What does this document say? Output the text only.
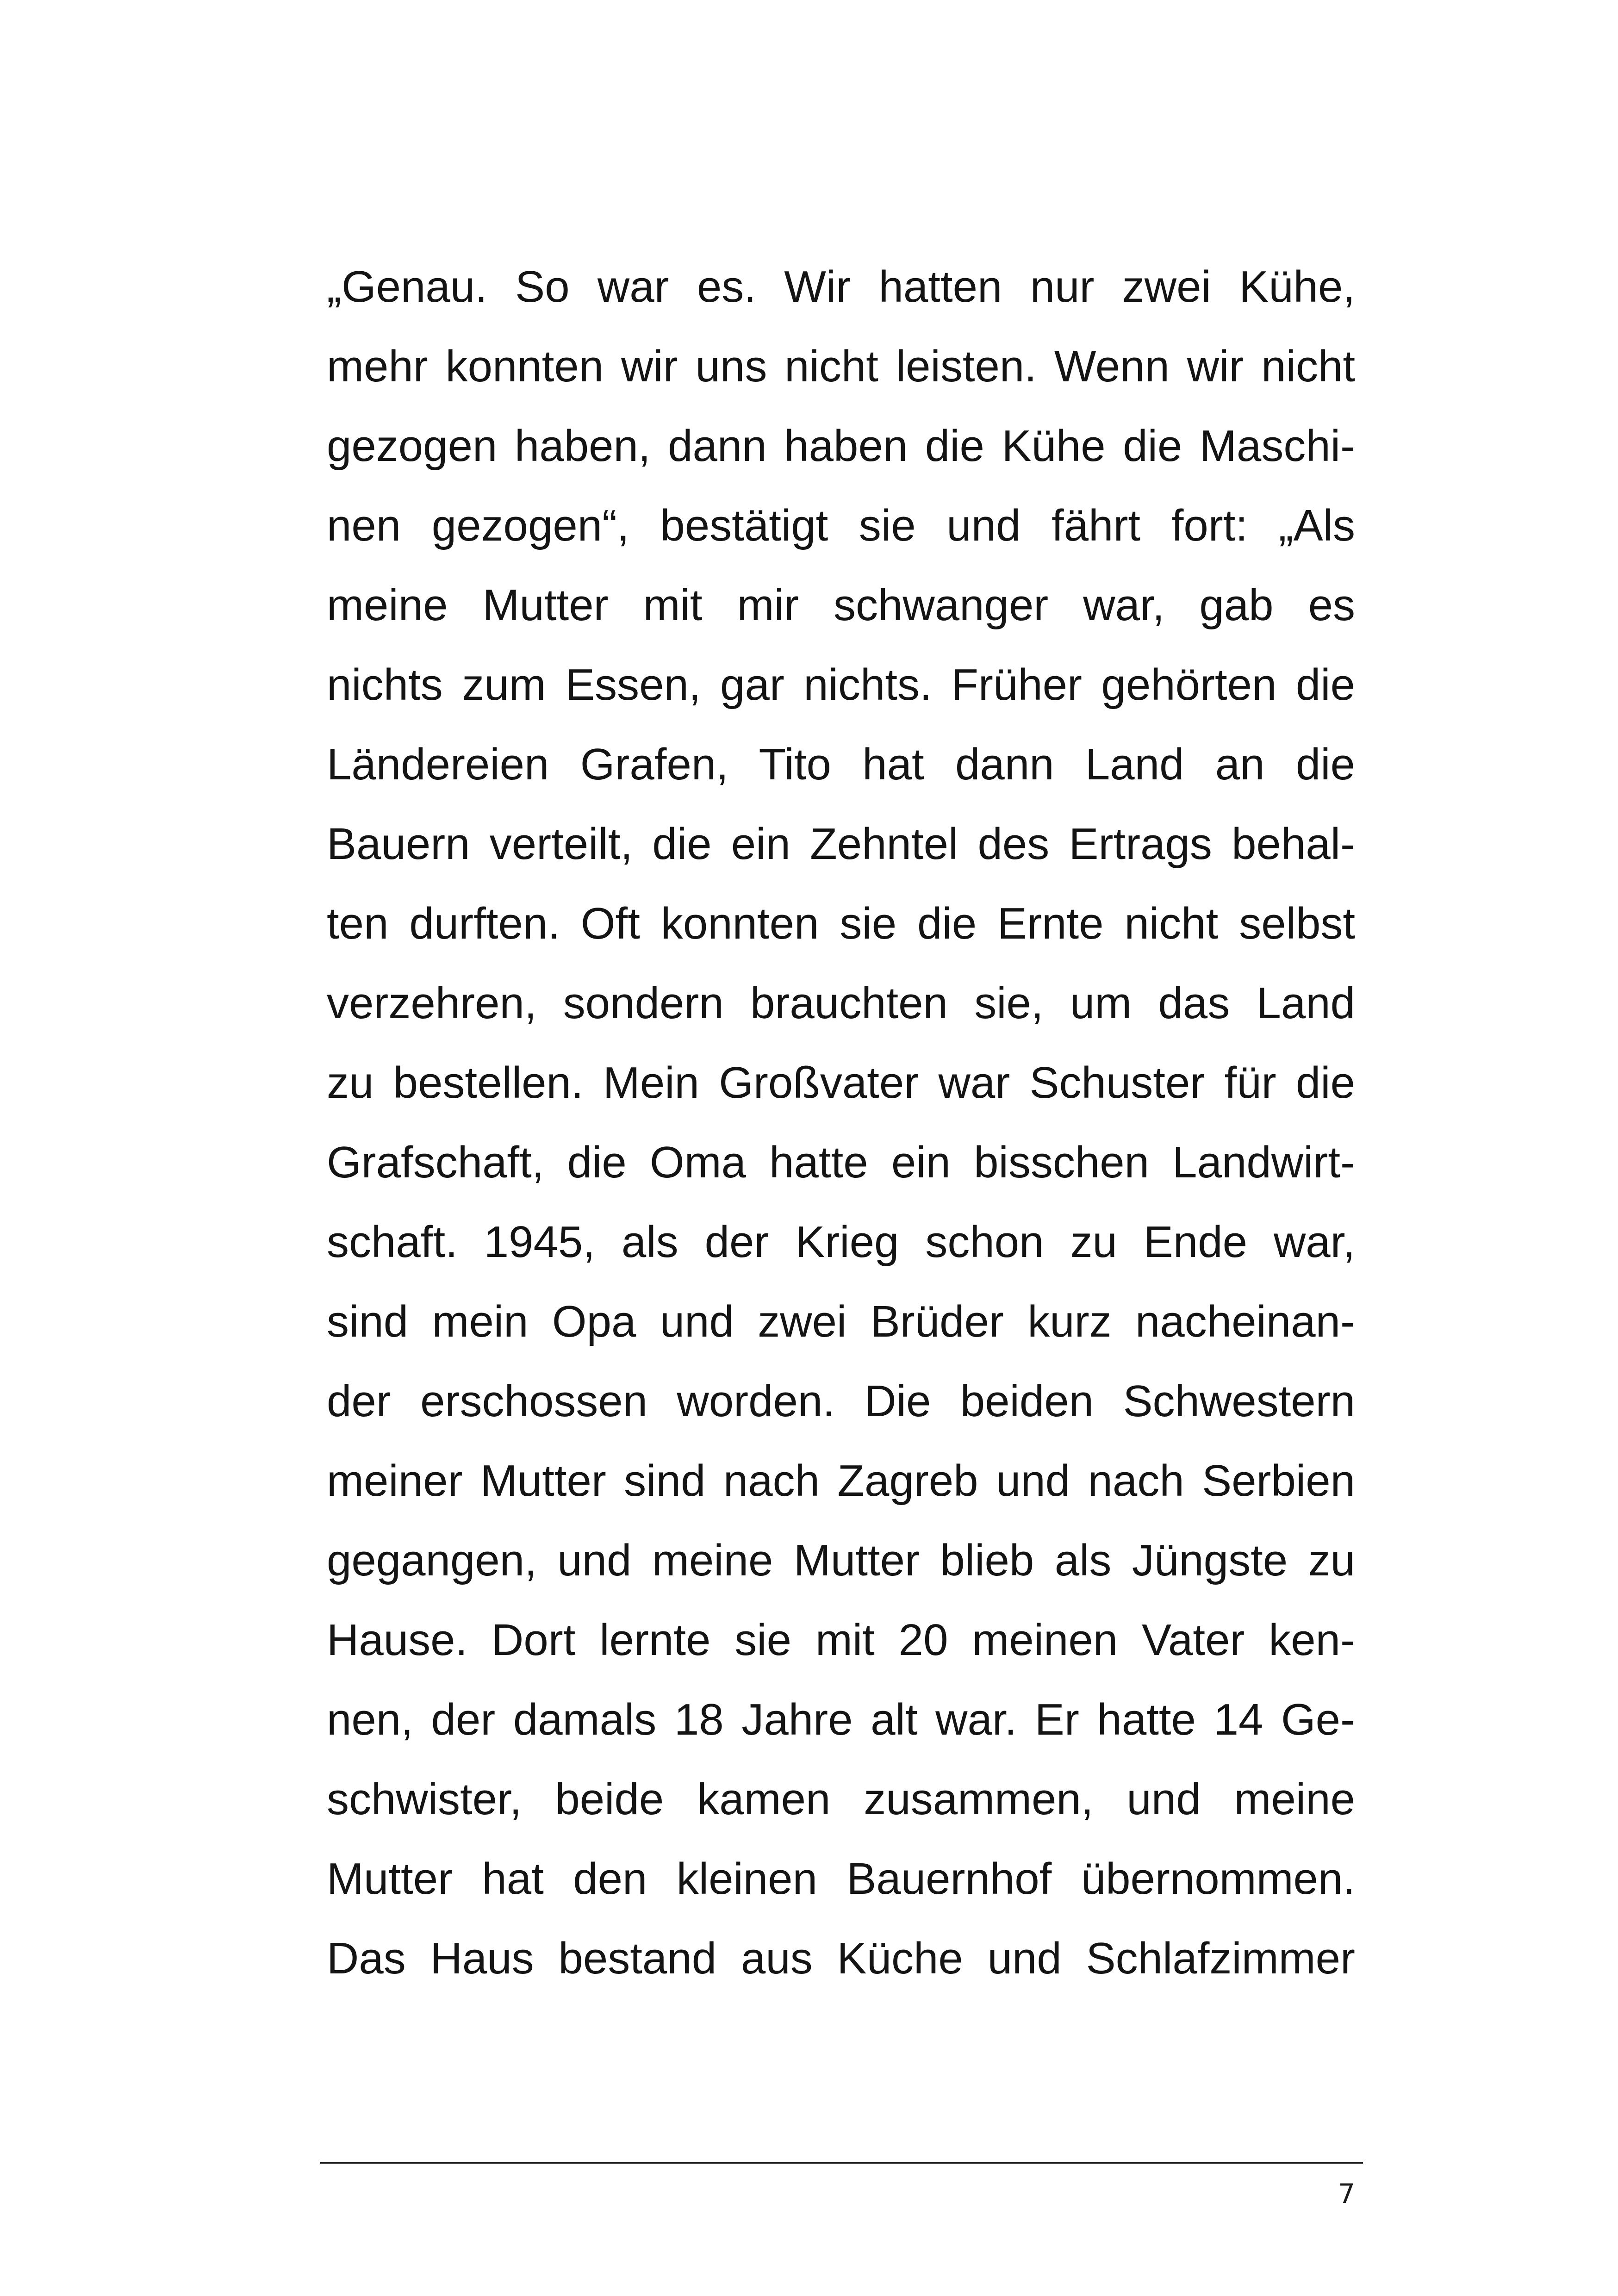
„Genau. So war es. Wir hatten nur zwei Kühe,
mehr konnten wir uns nicht leisten. Wenn wir nicht
gezogen haben, dann haben die Kühe die Maschi-
nen gezogen“, bestätigt sie und fährt fort: „Als
meine Mutter mit mir schwanger war, gab es
nichts zum Essen, gar nichts. Früher gehörten die
Ländereien Grafen, Tito hat dann Land an die
Bauern verteilt, die ein Zehntel des Ertrags behal-
ten durften. Oft konnten sie die Ernte nicht selbst
verzehren, sondern brauchten sie, um das Land
zu bestellen. Mein Großvater war Schuster für die
Grafschaft, die Oma hatte ein bisschen Landwirt-
schaft. 1945, als der Krieg schon zu Ende war,
sind mein Opa und zwei Brüder kurz nacheinan-
der erschossen worden. Die beiden Schwestern
meiner Mutter sind nach Zagreb und nach Serbien
gegangen, und meine Mutter blieb als Jüngste zu
Hause. Dort lernte sie mit 20 meinen Vater ken-
nen, der damals 18 Jahre alt war. Er hatte 14 Ge-
schwister, beide kamen zusammen, und meine
Mutter hat den kleinen Bauernhof übernommen.
Das Haus bestand aus Küche und Schlafzimmer
7
